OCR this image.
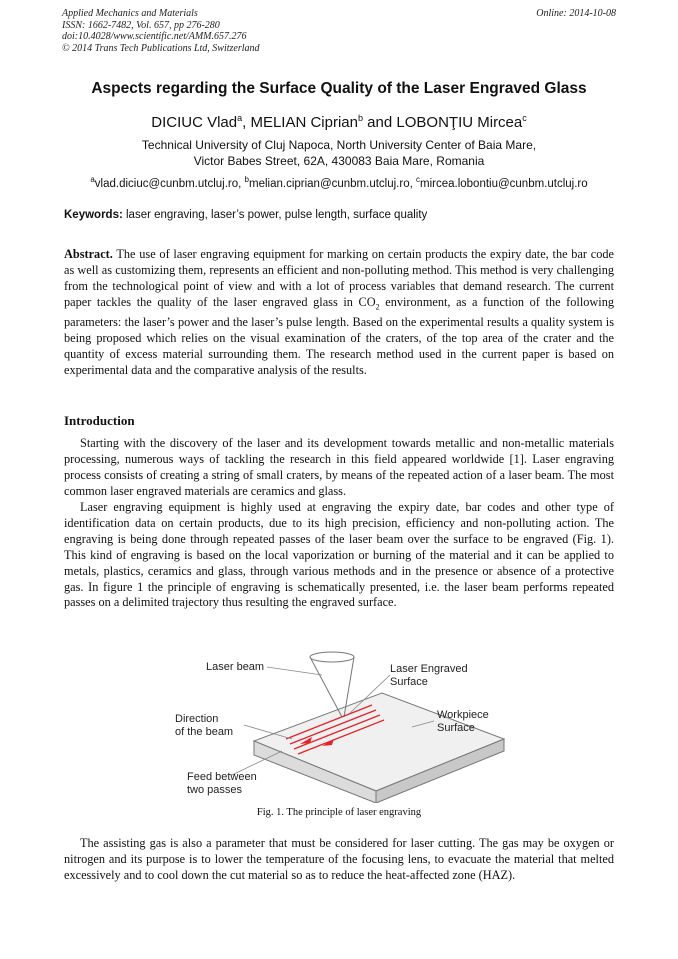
Applied Mechanics and Materials
ISSN: 1662-7482, Vol. 657, pp 276-280
doi:10.4028/www.scientific.net/AMM.657.276
© 2014 Trans Tech Publications Ltd, Switzerland
Online: 2014-10-08
Aspects regarding the Surface Quality of the Laser Engraved Glass
DICIUC Vlad$^a$, MELIAN Ciprian$^b$ and LOBONŢIU Mircea$^c$
Technical University of Cluj Napoca, North University Center of Baia Mare,
Victor Babes Street, 62A, 430083 Baia Mare, Romania
$^a$vlad.diciuc@cunbm.utcluj.ro, $^b$melian.ciprian@cunbm.utcluj.ro, $^c$mircea.lobontiu@cunbm.utcluj.ro
Keywords: laser engraving, laser’s power, pulse length, surface quality
Abstract. The use of laser engraving equipment for marking on certain products the expiry date, the bar code as well as customizing them, represents an efficient and non-polluting method. This method is very challenging from the technological point of view and with a lot of process variables that demand research. The current paper tackles the quality of the laser engraved glass in $CO_2$ environment, as a function of the following parameters: the laser’s power and the laser’s pulse length. Based on the experimental results a quality system is being proposed which relies on the visual examination of the craters, of the top area of the crater and the quantity of excess material surrounding them. The research method used in the current paper is based on experimental data and the comparative analysis of the results.
Introduction
Starting with the discovery of the laser and its development towards metallic and non-metallic materials processing, numerous ways of tackling the research in this field appeared worldwide [1]. Laser engraving process consists of creating a string of small craters, by means of the repeated action of a laser beam. The most common laser engraved materials are ceramics and glass.
Laser engraving equipment is highly used at engraving the expiry date, bar codes and other type of identification data on certain products, due to its high precision, efficiency and non-polluting action. The engraving is being done through repeated passes of the laser beam over the surface to be engraved (Fig. 1). This kind of engraving is based on the local vaporization or burning of the material and it can be applied to metals, plastics, ceramics and glass, through various methods and in the presence or absence of a protective gas. In figure 1 the principle of engraving is schematically presented, i.e. the laser beam performs repeated passes on a delimited trajectory thus resulting the engraved surface.
Laser beam	Laser Engraved
Surface
Direction
of the beam
Workpiece
Surface
Feed between
two passes
Fig. 1. The principle of laser engraving
The assisting gas is also a parameter that must be considered for laser cutting. The gas may be oxygen or nitrogen and its purpose is to lower the temperature of the focusing lens, to evacuate the material that melted excessively and to cool down the cut material so as to reduce the heat-affected zone (HAZ).
